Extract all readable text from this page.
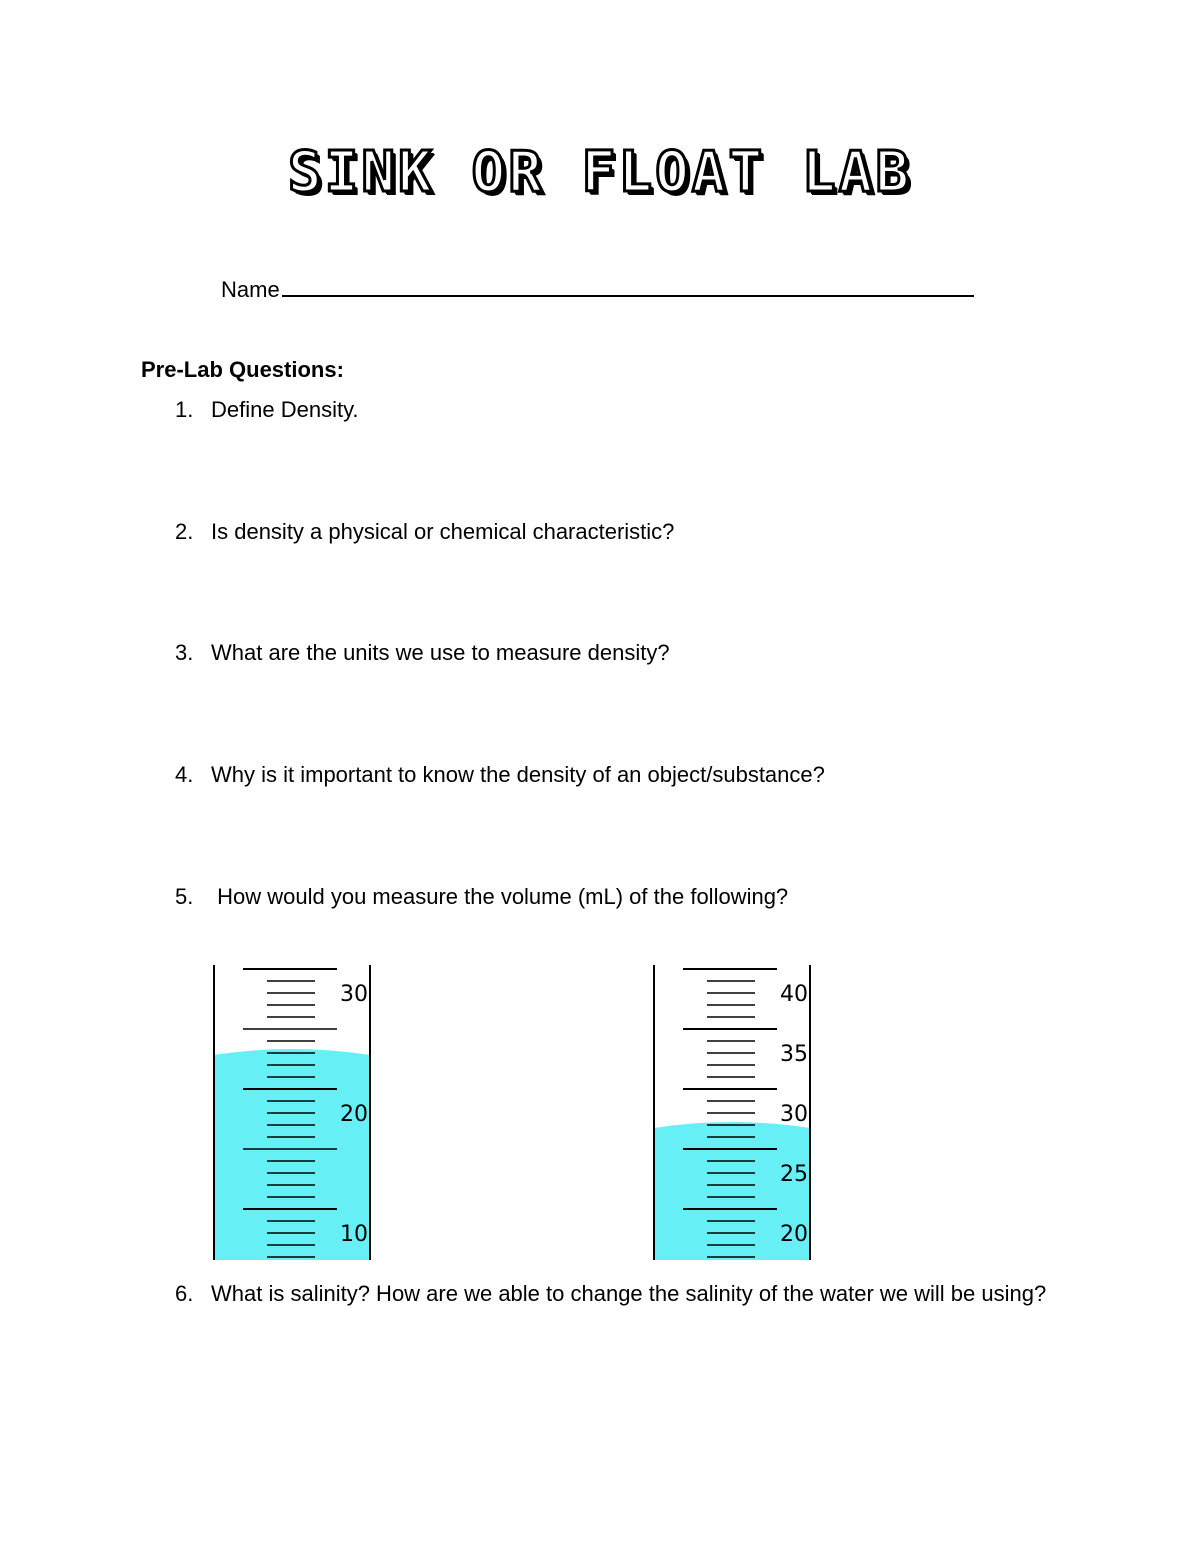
SINK OR FLOAT LAB
Name
Pre-Lab Questions:
1. Define Density.
2. Is density a physical or chemical characteristic?
3. What are the units we use to measure density?
4. Why is it important to know the density of an object/substance?
5. How would you measure the volume (mL) of the following?
30
20
10
40
35
30
25
20
6. What is salinity? How are we able to change the salinity of the water we will be using?
